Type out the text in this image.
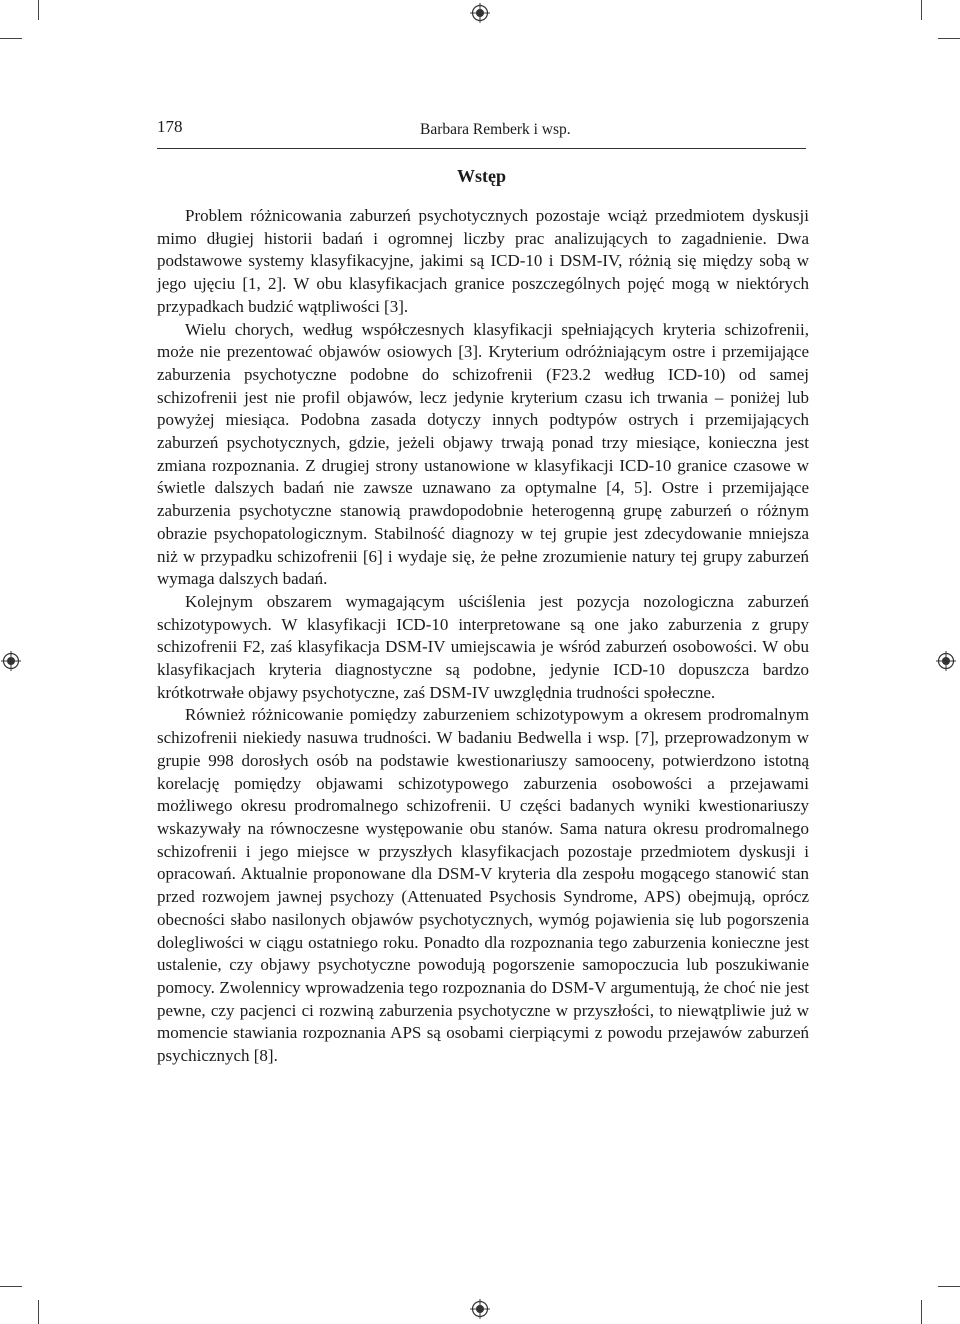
178	Barbara Remberk i wsp.
Wstęp

Problem różnicowania zaburzeń psychotycznych pozostaje wciąż przedmiotem dyskusji mimo długiej historii badań i ogromnej liczby prac analizujących to zagadnienie. Dwa podstawowe systemy klasyfikacyjne, jakimi są ICD-10 i DSM-IV, różnią się między sobą w jego ujęciu [1, 2]. W obu klasyfikacjach granice poszczególnych pojęć mogą w niektórych przypadkach budzić wątpliwości [3].

Wielu chorych, według współczesnych klasyfikacji spełniających kryteria schizofrenii, może nie prezentować objawów osiowych [3]. Kryterium odróżniającym ostre i przemijające zaburzenia psychotyczne podobne do schizofrenii (F23.2 według ICD-10) od samej schizofrenii jest nie profil objawów, lecz jedynie kryterium czasu ich trwania – poniżej lub powyżej miesiąca. Podobna zasada dotyczy innych podtypów ostrych i przemijających zaburzeń psychotycznych, gdzie, jeżeli objawy trwają ponad trzy miesiące, konieczna jest zmiana rozpoznania. Z drugiej strony ustanowione w klasyfikacji ICD-10 granice czasowe w świetle dalszych badań nie zawsze uznawano za optymalne [4, 5]. Ostre i przemijające zaburzenia psychotyczne stanowią prawdopodobnie heterogenną grupę zaburzeń o różnym obrazie psychopatologicznym. Stabilność diagnozy w tej grupie jest zdecydowanie mniejsza niż w przypadku schizofrenii [6] i wydaje się, że pełne zrozumienie natury tej grupy zaburzeń wymaga dalszych badań.

Kolejnym obszarem wymagającym uściślenia jest pozycja nozologiczna zaburzeń schizotypowych. W klasyfikacji ICD-10 interpretowane są one jako zaburzenia z grupy schizofrenii F2, zaś klasyfikacja DSM-IV umiejscawia je wśród zaburzeń osobowości. W obu klasyfikacjach kryteria diagnostyczne są podobne, jedynie ICD-10 dopuszcza bardzo krótkotrwałe objawy psychotyczne, zaś DSM-IV uwzględnia trudności społeczne.

Również różnicowanie pomiędzy zaburzeniem schizotypowym a okresem prodromalnym schizofrenii niekiedy nasuwa trudności. W badaniu Bedwella i wsp. [7], przeprowadzonym w grupie 998 dorosłych osób na podstawie kwestionariuszy samooceny, potwierdzono istotną korelację pomiędzy objawami schizotypowego zaburzenia osobowości a przejawami możliwego okresu prodromalnego schizofrenii. U części badanych wyniki kwestionariuszy wskazywały na równoczesne występowanie obu stanów. Sama natura okresu prodromalnego schizofrenii i jego miejsce w przyszłych klasyfikacjach pozostaje przedmiotem dyskusji i opracowań. Aktualnie proponowane dla DSM-V kryteria dla zespołu mogącego stanowić stan przed rozwojem jawnej psychozy (Attenuated Psychosis Syndrome, APS) obejmują, oprócz obecności słabo nasilonych objawów psychotycznych, wymóg pojawienia się lub pogorszenia dolegliwości w ciągu ostatniego roku. Ponadto dla rozpoznania tego zaburzenia konieczne jest ustalenie, czy objawy psychotyczne powodują pogorszenie samopoczucia lub poszukiwanie pomocy. Zwolennicy wprowadzenia tego rozpoznania do DSM-V argumentują, że choć nie jest pewne, czy pacjenci ci rozwiną zaburzenia psychotyczne w przyszłości, to niewątpliwie już w momencie stawiania rozpoznania APS są osobami cierpiącymi z powodu przejawów zaburzeń psychicznych [8].
